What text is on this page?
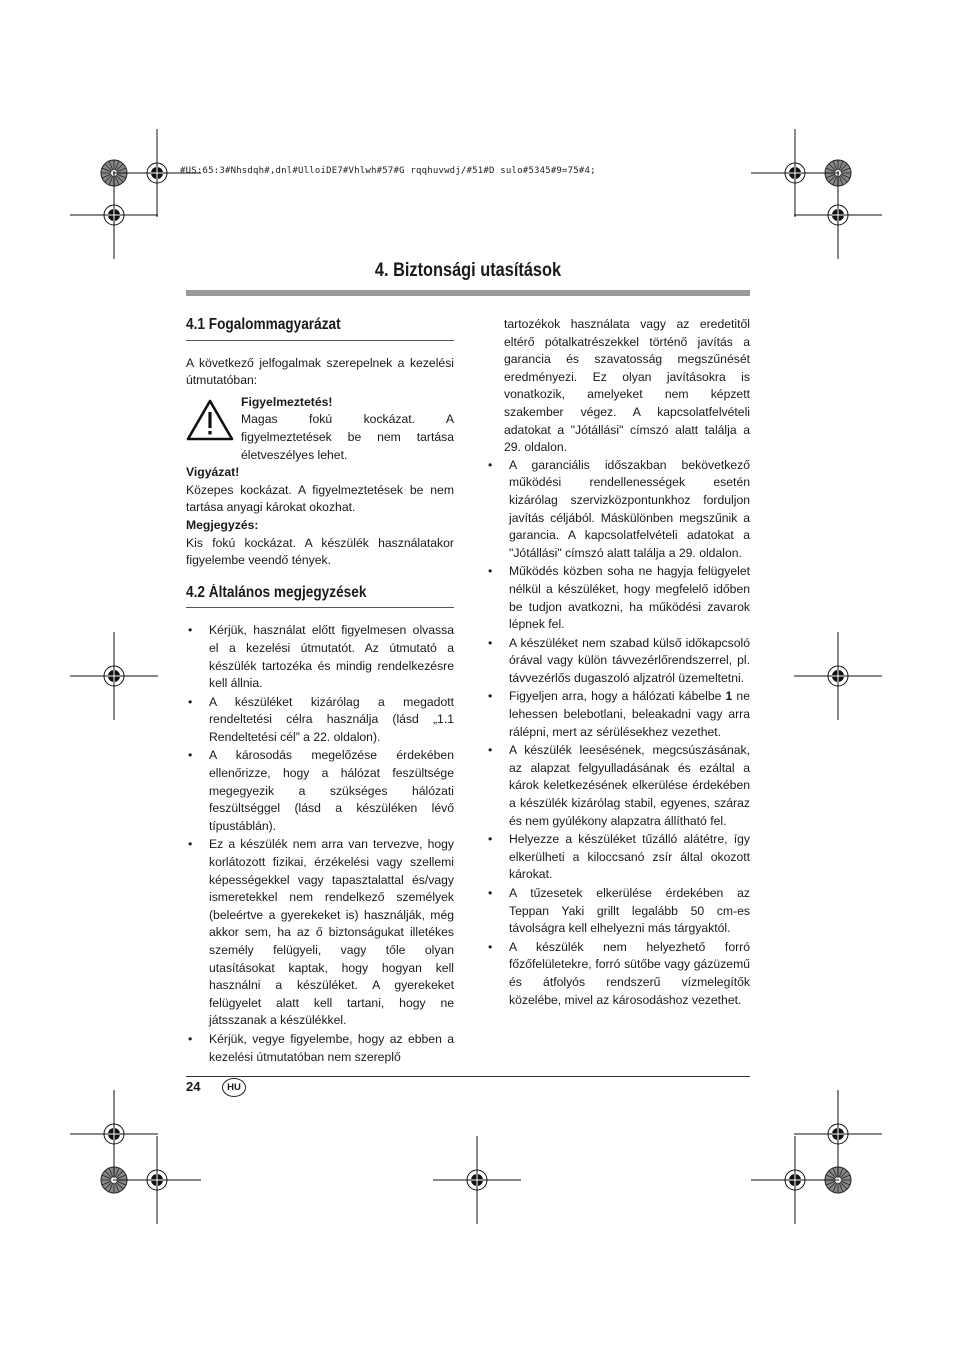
#US:65:3#Nhsdqh#,dnl#UlloiDE7#Vhlwh#57#G rqqhuvwdj/#51#D sulo#5345#9=75#4;
4. Biztonsági utasítások
4.1 Fogalommagyarázat

A következő jelfogalmak szerepelnek a kezelési útmutatóban:

Figyelmeztetés!

Magas fokú kockázat. A figyelmeztetések be nem tartása életveszélyes lehet.

Vigyázat!

Közepes kockázat. A figyelmeztetések be nem tartása anyagi károkat okozhat.

Megjegyzés:

Kis fokú kockázat. A készülék használatakor figyelembe veendő tények.

4.2 Általános megjegyzések
• Kérjük, használat előtt figyelmesen olvassa el a kezelési útmutatót. Az útmutató a készülék tartozéka és mindig rendelkezésre kell állnia.
• A készüléket kizárólag a megadott rendeltetési célra használja (lásd „1.1 Rendeltetési cél” a 22. oldalon).
• A károsodás megelőzése érdekében ellenőrizze, hogy a hálózat feszültsége megegyezik a szükséges hálózati feszültséggel (lásd a készüléken lévő típustáblán).
• Ez a készülék nem arra van tervezve, hogy korlátozott fizikai, érzékelési vagy szellemi képességekkel vagy tapasztalattal és/vagy ismeretekkel nem rendelkező személyek (beleértve a gyerekeket is) használják, még akkor sem, ha az ő biztonságukat illetékes személy felügyeli, vagy tőle olyan utasításokat kaptak, hogy hogyan kell használni a készüléket. A gyerekeket felügyelet alatt kell tartani, hogy ne játsszanak a készülékkel.
• Kérjük, vegye figyelembe, hogy az ebben a kezelési útmutatóban nem szereplő

tartozékok használata vagy az eredetitől eltérő pótalkatrészekkel történő javítás a garancia és szavatosság megszűnését eredményezi. Ez olyan javításokra is vonatkozik, amelyeket nem képzett szakember végez. A kapcsolatfelvételi adatokat a "Jótállási" címszó alatt találja a 29. oldalon.

• A garanciális időszakban bekövetkező működési rendellenességek esetén kizárólag szervizközpontunkhoz forduljon javítás céljából. Máskülönben megszűnik a garancia. A kapcsolatfelvételi adatokat a "Jótállási" címszó alatt találja a 29. oldalon.
• Működés közben soha ne hagyja felügyelet nélkül a készüléket, hogy megfelelő időben be tudjon avatkozni, ha működési zavarok lépnek fel.
• A készüléket nem szabad külső időkapcsoló órával vagy külön távvezérlőrendszerrel, pl. távvezérlős dugaszoló aljzatról üzemeltetni.
• Figyeljen arra, hogy a hálózati kábelbe 1 ne lehessen belebotlani, beleakadni vagy arra rálépni, mert az sérülésekhez vezethet.
• A készülék leesésének, megcsúszásának, az alapzat felgyulladásának és ezáltal a károk keletkezésének elkerülése érdekében a készülék kizárólag stabil, egyenes, száraz és nem gyúlékony alapzatra állítható fel.
• Helyezze a készüléket tűzálló alátétre, így elkerülheti a kiloccsanó zsír által okozott károkat.
• A tűzesetek elkerülése érdekében az Teppan Yaki grillt legalább 50 cm-es távolságra kell elhelyezni más tárgyaktól.
• A készülék nem helyezhető forró főzőfelületekre, forró sütőbe vagy gázüzemű és átfolyós rendszerű vízmelegítők közelébe, mivel az károsodáshoz vezethet.
24	HU
